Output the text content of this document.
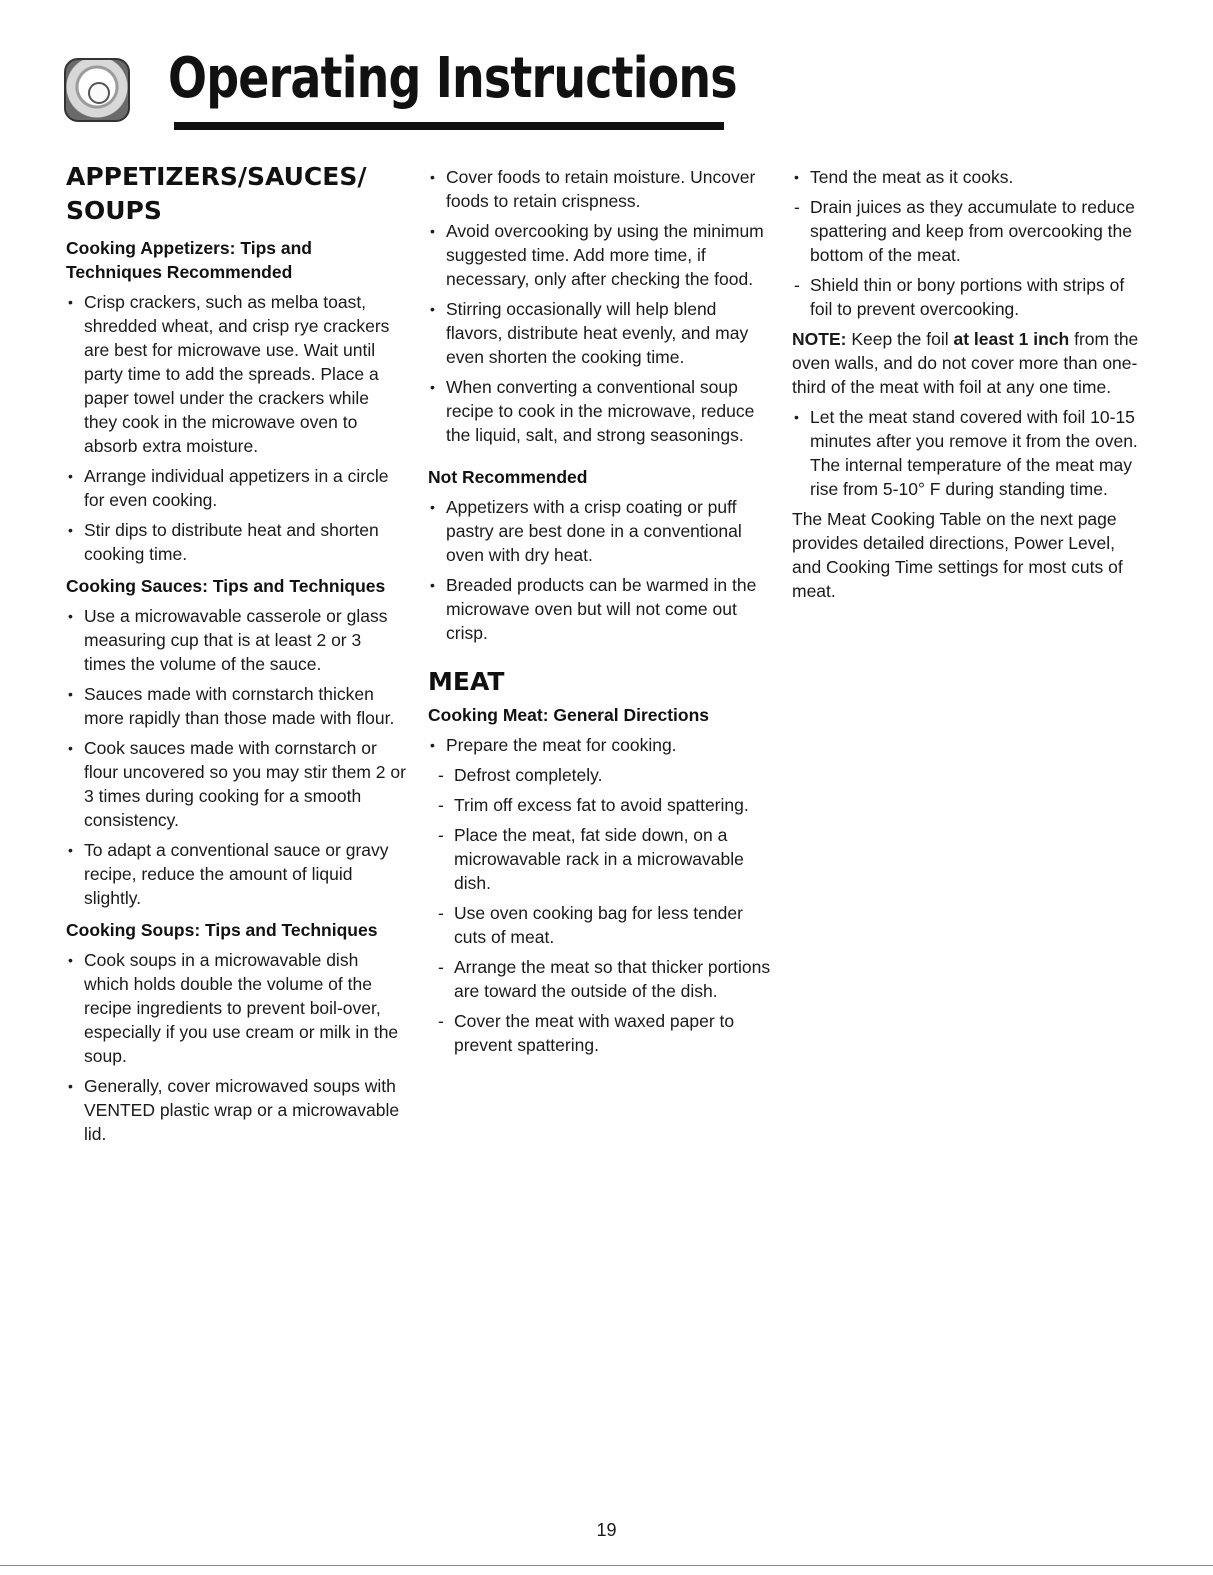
Operating Instructions
APPETIZERS/SAUCES/ SOUPS
Cooking Appetizers: Tips and Techniques Recommended
• Crisp crackers, such as melba toast, shredded wheat, and crisp rye crackers are best for microwave use. Wait until party time to add the spreads. Place a paper towel under the crackers while they cook in the microwave oven to absorb extra moisture.
• Arrange individual appetizers in a circle for even cooking.
• Stir dips to distribute heat and shorten cooking time.
Cooking Sauces: Tips and Techniques
• Use a microwavable casserole or glass measuring cup that is at least 2 or 3 times the volume of the sauce.
• Sauces made with cornstarch thicken more rapidly than those made with flour.
• Cook sauces made with cornstarch or flour uncovered so you may stir them 2 or 3 times during cooking for a smooth consistency.
• To adapt a conventional sauce or gravy recipe, reduce the amount of liquid slightly.
Cooking Soups: Tips and Techniques
• Cook soups in a microwavable dish which holds double the volume of the recipe ingredients to prevent boil-over, especially if you use cream or milk in the soup.
• Generally, cover microwaved soups with VENTED plastic wrap or a microwavable lid.
• Cover foods to retain moisture. Uncover foods to retain crispness.
• Avoid overcooking by using the minimum suggested time. Add more time, if necessary, only after checking the food.
• Stirring occasionally will help blend flavors, distribute heat evenly, and may even shorten the cooking time.
• When converting a conventional soup recipe to cook in the microwave, reduce the liquid, salt, and strong seasonings.
Not Recommended
• Appetizers with a crisp coating or puff pastry are best done in a conventional oven with dry heat.
• Breaded products can be warmed in the microwave oven but will not come out crisp.
MEAT
Cooking Meat: General Directions
• Prepare the meat for cooking.
- Defrost completely.
- Trim off excess fat to avoid spattering.
- Place the meat, fat side down, on a microwavable rack in a microwavable dish.
- Use oven cooking bag for less tender cuts of meat.
- Arrange the meat so that thicker portions are toward the outside of the dish.
- Cover the meat with waxed paper to prevent spattering.
• Tend the meat as it cooks.
- Drain juices as they accumulate to reduce spattering and keep from overcooking the bottom of the meat.
- Shield thin or bony portions with strips of foil to prevent overcooking.

NOTE: Keep the foil at least 1 inch from the oven walls, and do not cover more than one-third of the meat with foil at any one time.

• Let the meat stand covered with foil 10-15 minutes after you remove it from the oven. The internal temperature of the meat may rise from 5-10° F during standing time.

The Meat Cooking Table on the next page provides detailed directions, Power Level, and Cooking Time settings for most cuts of meat.

19
